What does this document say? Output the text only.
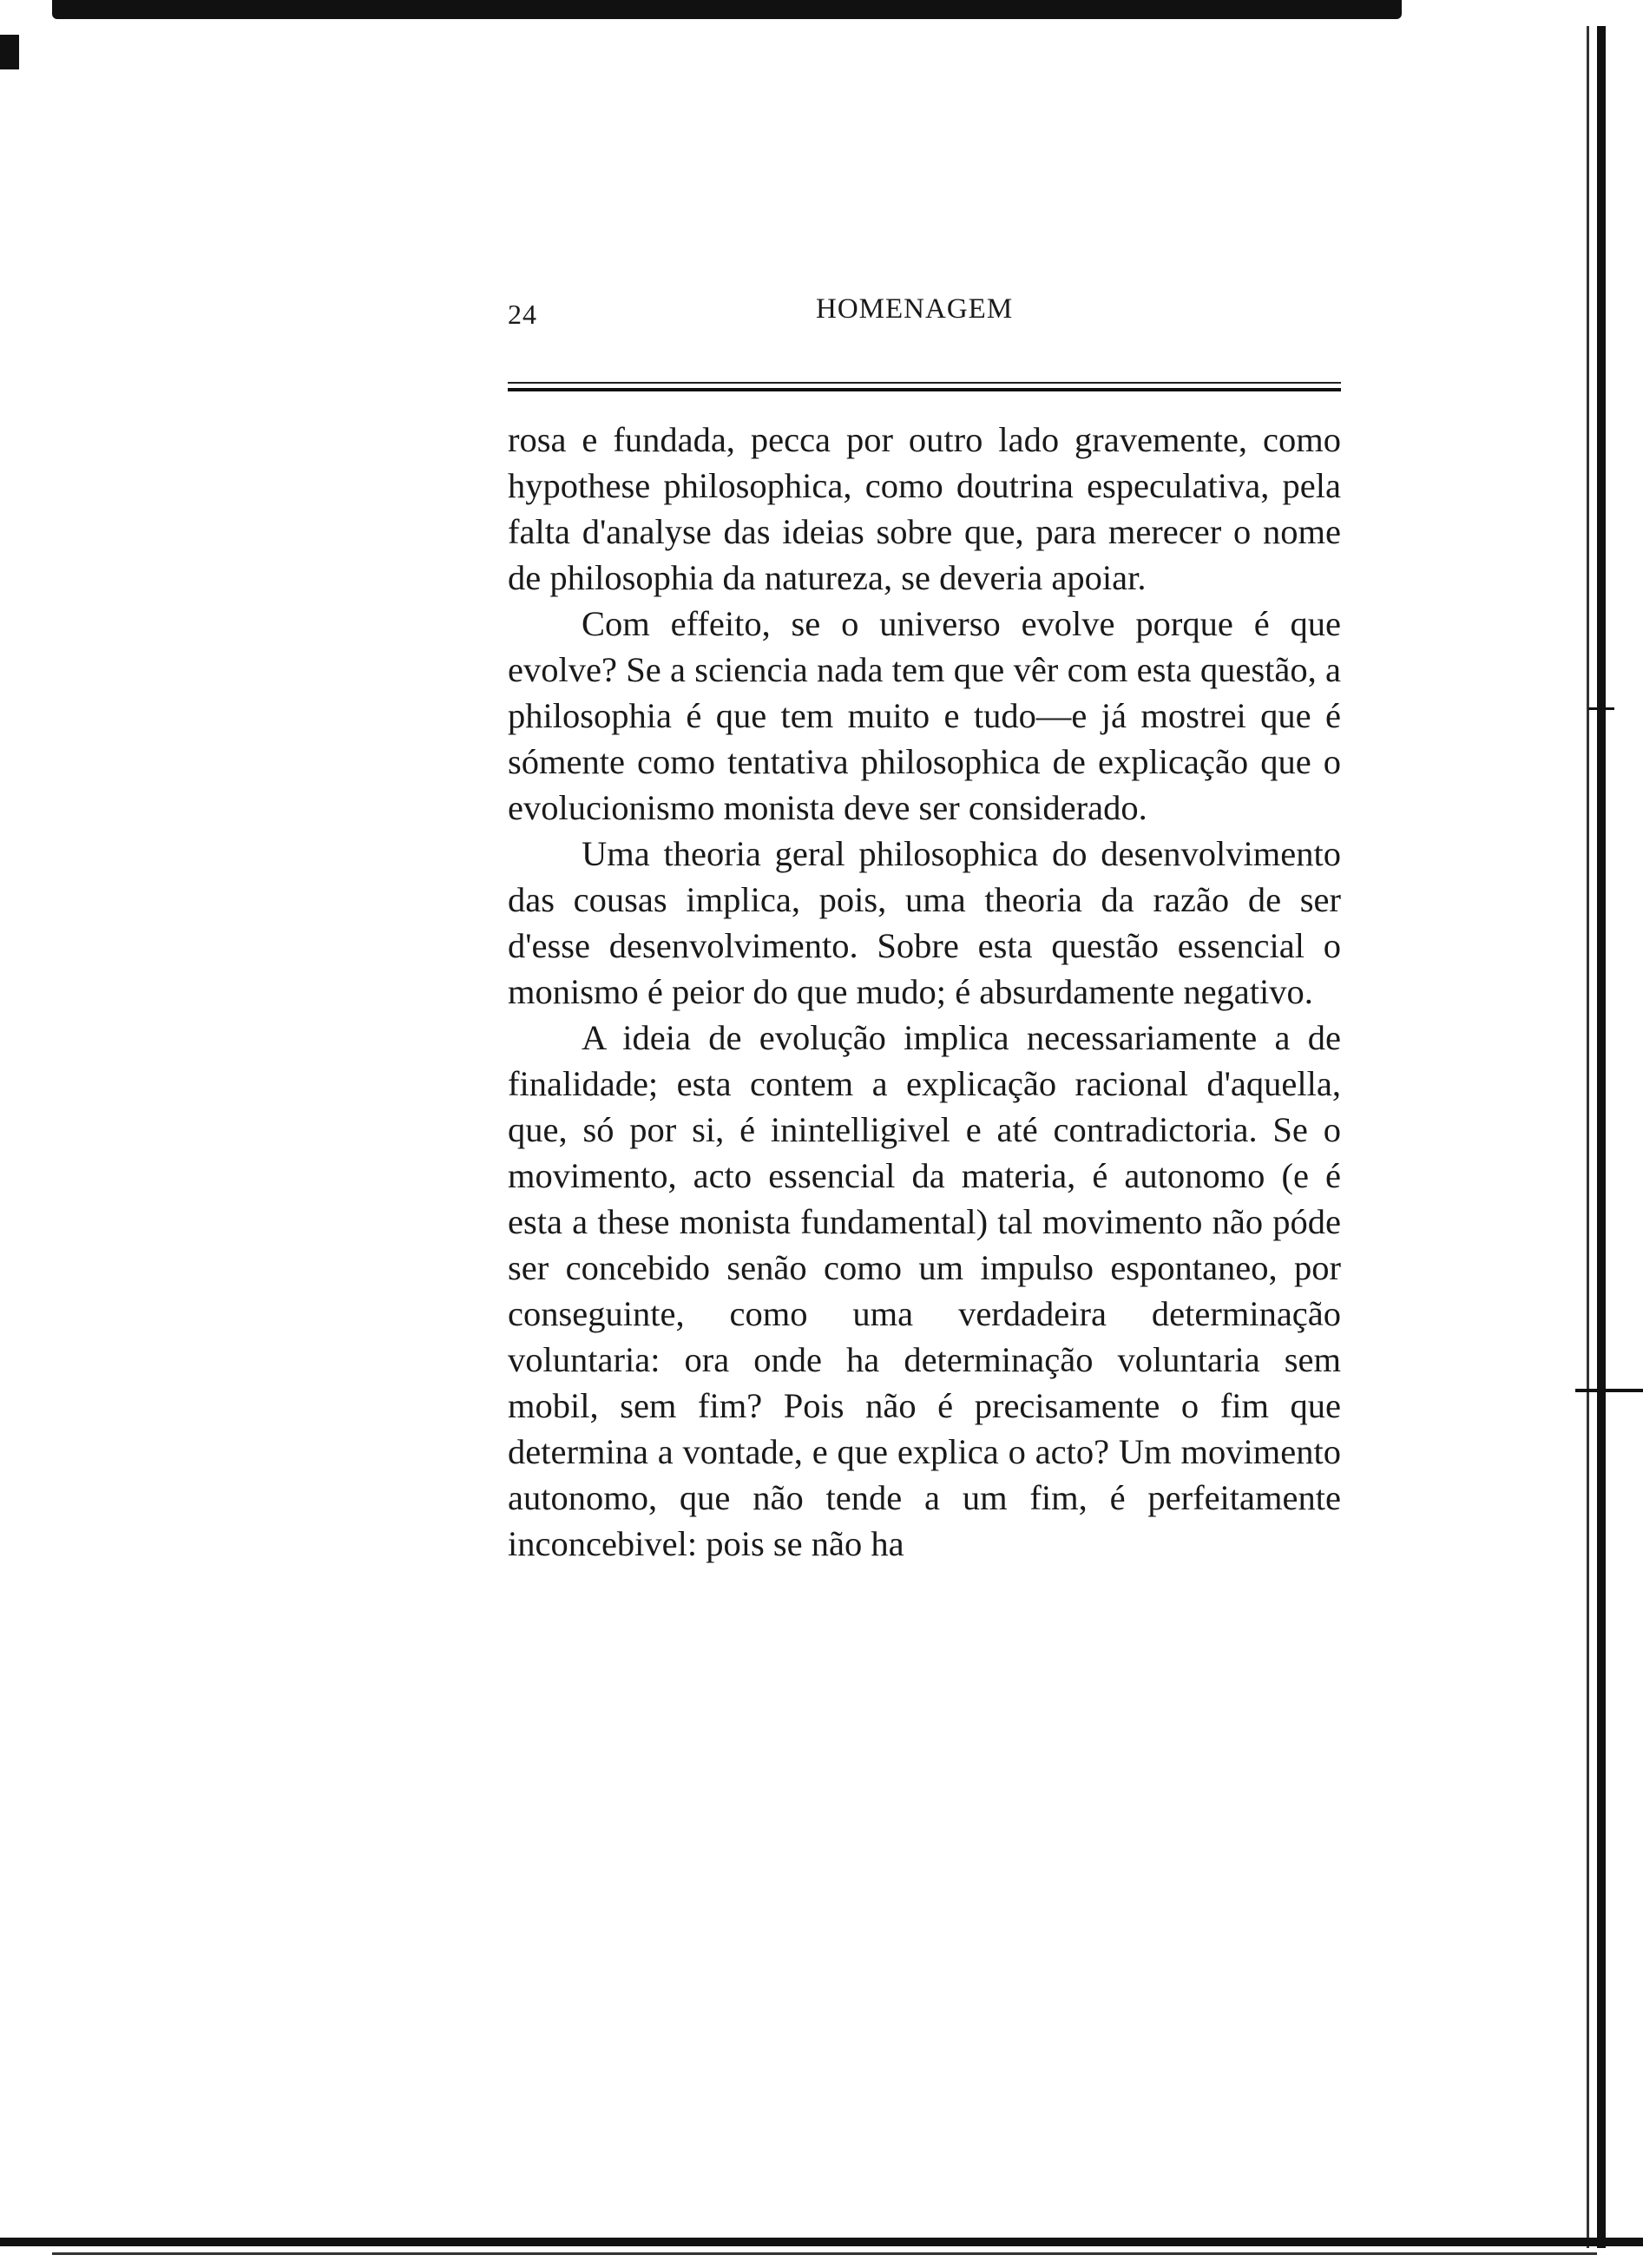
24	HOMENAGEM

rosa e fundada, pecca por outro lado gravemente, como hypothese philosophica, como doutrina especulativa, pela falta d'analyse das ideias sobre que, para merecer o nome de philosophia da natureza, se deveria apoiar.

Com effeito, se o universo evolve porque é que evolve? Se a sciencia nada tem que vêr com esta questão, a philosophia é que tem muito e tudo—e já mostrei que é sómente como tentativa philosophica de explicação que o evolucionismo monista deve ser considerado.

Uma theoria geral philosophica do desenvolvimento das cousas implica, pois, uma theoria da razão de ser d'esse desenvolvimento. Sobre esta questão essencial o monismo é peior do que mudo; é absurdamente negativo.

A ideia de evolução implica necessariamente a de finalidade; esta contem a explicação racional d'aquella, que, só por si, é inintelligivel e até contradictoria. Se o movimento, acto essencial da materia, é autonomo (e é esta a these monista fundamental) tal movimento não póde ser concebido senão como um impulso espontaneo, por conseguinte, como uma verdadeira determinação voluntaria: ora onde ha determinação voluntaria sem mobil, sem fim? Pois não é precisamente o fim que determina a vontade, e que explica o acto? Um movimento autonomo, que não tende a um fim, é perfeitamente inconcebivel: pois se não ha
